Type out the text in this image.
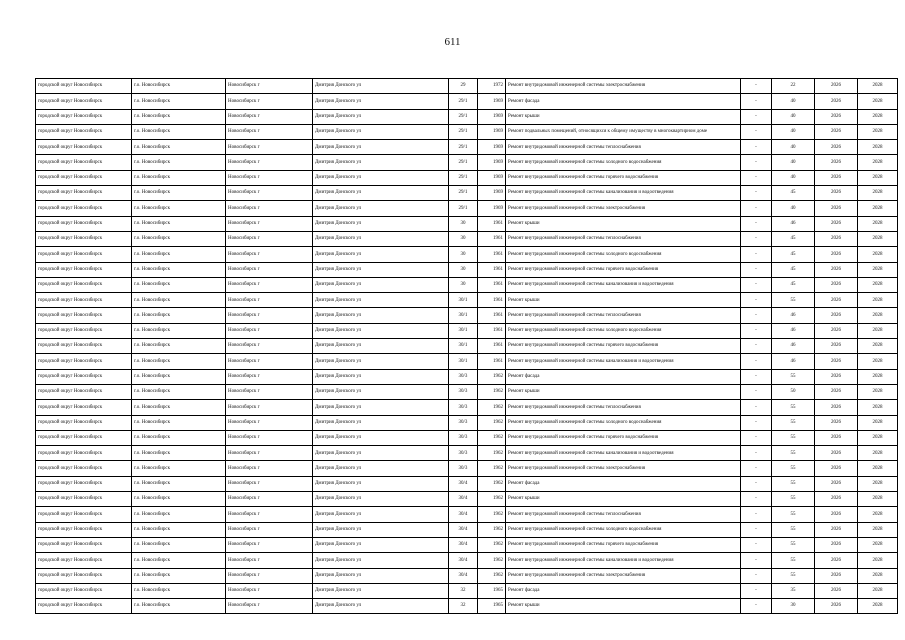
611
городской округ Новосибирск	г.о. Новосибирск	Новосибирск г	Дмитрия Донского ул	29	1972	Ремонт внутридомовой инженерной системы электроснабжения	-	22	2026	2028
городской округ Новосибирск	г.о. Новосибирск	Новосибирск г	Дмитрия Донского ул	29/1	1969	Ремонт фасада	-	40	2026	2028
городской округ Новосибирск	г.о. Новосибирск	Новосибирск г	Дмитрия Донского ул	29/1	1969	Ремонт крыши	-	40	2026	2028
городской округ Новосибирск	г.о. Новосибирск	Новосибирск г	Дмитрия Донского ул	29/1	1969	Ремонт подвальных помещений, относящихся к общему имуществу в многоквартирном доме	-	40	2026	2028
городской округ Новосибирск	г.о. Новосибирск	Новосибирск г	Дмитрия Донского ул	29/1	1969	Ремонт внутридомовой инженерной системы теплоснабжения	-	40	2026	2028
городской округ Новосибирск	г.о. Новосибирск	Новосибирск г	Дмитрия Донского ул	29/1	1969	Ремонт внутридомовой инженерной системы холодного водоснабжения	-	40	2026	2028
городской округ Новосибирск	г.о. Новосибирск	Новосибирск г	Дмитрия Донского ул	29/1	1969	Ремонт внутридомовой инженерной системы горячего водоснабжения	-	40	2026	2028
городской округ Новосибирск	г.о. Новосибирск	Новосибирск г	Дмитрия Донского ул	29/1	1969	Ремонт внутридомовой инженерной системы канализования и водоотведения	-	45	2026	2028
городской округ Новосибирск	г.о. Новосибирск	Новосибирск г	Дмитрия Донского ул	29/1	1969	Ремонт внутридомовой инженерной системы электроснабжения	-	40	2026	2028
городской округ Новосибирск	г.о. Новосибирск	Новосибирск г	Дмитрия Донского ул	30	1961	Ремонт крыши	-	46	2026	2028
городской округ Новосибирск	г.о. Новосибирск	Новосибирск г	Дмитрия Донского ул	30	1961	Ремонт внутридомовой инженерной системы теплоснабжения	-	45	2026	2028
городской округ Новосибирск	г.о. Новосибирск	Новосибирск г	Дмитрия Донского ул	30	1961	Ремонт внутридомовой инженерной системы холодного водоснабжения	-	45	2026	2028
городской округ Новосибирск	г.о. Новосибирск	Новосибирск г	Дмитрия Донского ул	30	1961	Ремонт внутридомовой инженерной системы горячего водоснабжения	-	45	2026	2028
городской округ Новосибирск	г.о. Новосибирск	Новосибирск г	Дмитрия Донского ул	30	1961	Ремонт внутридомовой инженерной системы канализования и водоотведения	-	45	2026	2028
городской округ Новосибирск	г.о. Новосибирск	Новосибирск г	Дмитрия Донского ул	30/1	1961	Ремонт крыши	-	55	2026	2028
городской округ Новосибирск	г.о. Новосибирск	Новосибирск г	Дмитрия Донского ул	30/1	1961	Ремонт внутридомовой инженерной системы теплоснабжения	-	46	2026	2028
городской округ Новосибирск	г.о. Новосибирск	Новосибирск г	Дмитрия Донского ул	30/1	1961	Ремонт внутридомовой инженерной системы холодного водоснабжения	-	46	2026	2028
городской округ Новосибирск	г.о. Новосибирск	Новосибирск г	Дмитрия Донского ул	30/1	1961	Ремонт внутридомовой инженерной системы горячего водоснабжения	-	46	2026	2028
городской округ Новосибирск	г.о. Новосибирск	Новосибирск г	Дмитрия Донского ул	30/1	1961	Ремонт внутридомовой инженерной системы канализования и водоотведения	-	46	2026	2028
городской округ Новосибирск	г.о. Новосибирск	Новосибирск г	Дмитрия Донского ул	30/3	1962	Ремонт фасада	-	55	2026	2028
городской округ Новосибирск	г.о. Новосибирск	Новосибирск г	Дмитрия Донского ул	30/3	1962	Ремонт крыши	-	50	2026	2028
городской округ Новосибирск	г.о. Новосибирск	Новосибирск г	Дмитрия Донского ул	30/3	1962	Ремонт внутридомовой инженерной системы теплоснабжения	-	55	2026	2028
городской округ Новосибирск	г.о. Новосибирск	Новосибирск г	Дмитрия Донского ул	30/3	1962	Ремонт внутридомовой инженерной системы холодного водоснабжения	-	55	2026	2028
городской округ Новосибирск	г.о. Новосибирск	Новосибирск г	Дмитрия Донского ул	30/3	1962	Ремонт внутридомовой инженерной системы горячего водоснабжения	-	55	2026	2028
городской округ Новосибирск	г.о. Новосибирск	Новосибирск г	Дмитрия Донского ул	30/3	1962	Ремонт внутридомовой инженерной системы канализования и водоотведения	-	55	2026	2028
городской округ Новосибирск	г.о. Новосибирск	Новосибирск г	Дмитрия Донского ул	30/3	1962	Ремонт внутридомовой инженерной системы электроснабжения	-	55	2026	2028
городской округ Новосибирск	г.о. Новосибирск	Новосибирск г	Дмитрия Донского ул	30/4	1962	Ремонт фасада	-	55	2026	2028
городской округ Новосибирск	г.о. Новосибирск	Новосибирск г	Дмитрия Донского ул	30/4	1962	Ремонт крыши	-	55	2026	2028
городской округ Новосибирск	г.о. Новосибирск	Новосибирск г	Дмитрия Донского ул	30/4	1962	Ремонт внутридомовой инженерной системы теплоснабжения	-	55	2026	2028
городской округ Новосибирск	г.о. Новосибирск	Новосибирск г	Дмитрия Донского ул	30/4	1962	Ремонт внутридомовой инженерной системы холодного водоснабжения	-	55	2026	2028
городской округ Новосибирск	г.о. Новосибирск	Новосибирск г	Дмитрия Донского ул	30/4	1962	Ремонт внутридомовой инженерной системы горячего водоснабжения	-	55	2026	2028
городской округ Новосибирск	г.о. Новосибирск	Новосибирск г	Дмитрия Донского ул	30/4	1962	Ремонт внутридомовой инженерной системы канализования и водоотведения	-	55	2026	2028
городской округ Новосибирск	г.о. Новосибирск	Новосибирск г	Дмитрия Донского ул	30/4	1962	Ремонт внутридомовой инженерной системы электроснабжения	-	55	2026	2028
городской округ Новосибирск	г.о. Новосибирск	Новосибирск г	Дмитрия Донского ул	32	1965	Ремонт фасада	-	35	2026	2028
городской округ Новосибирск	г.о. Новосибирск	Новосибирск г	Дмитрия Донского ул	32	1965	Ремонт крыши	-	30	2026	2028
